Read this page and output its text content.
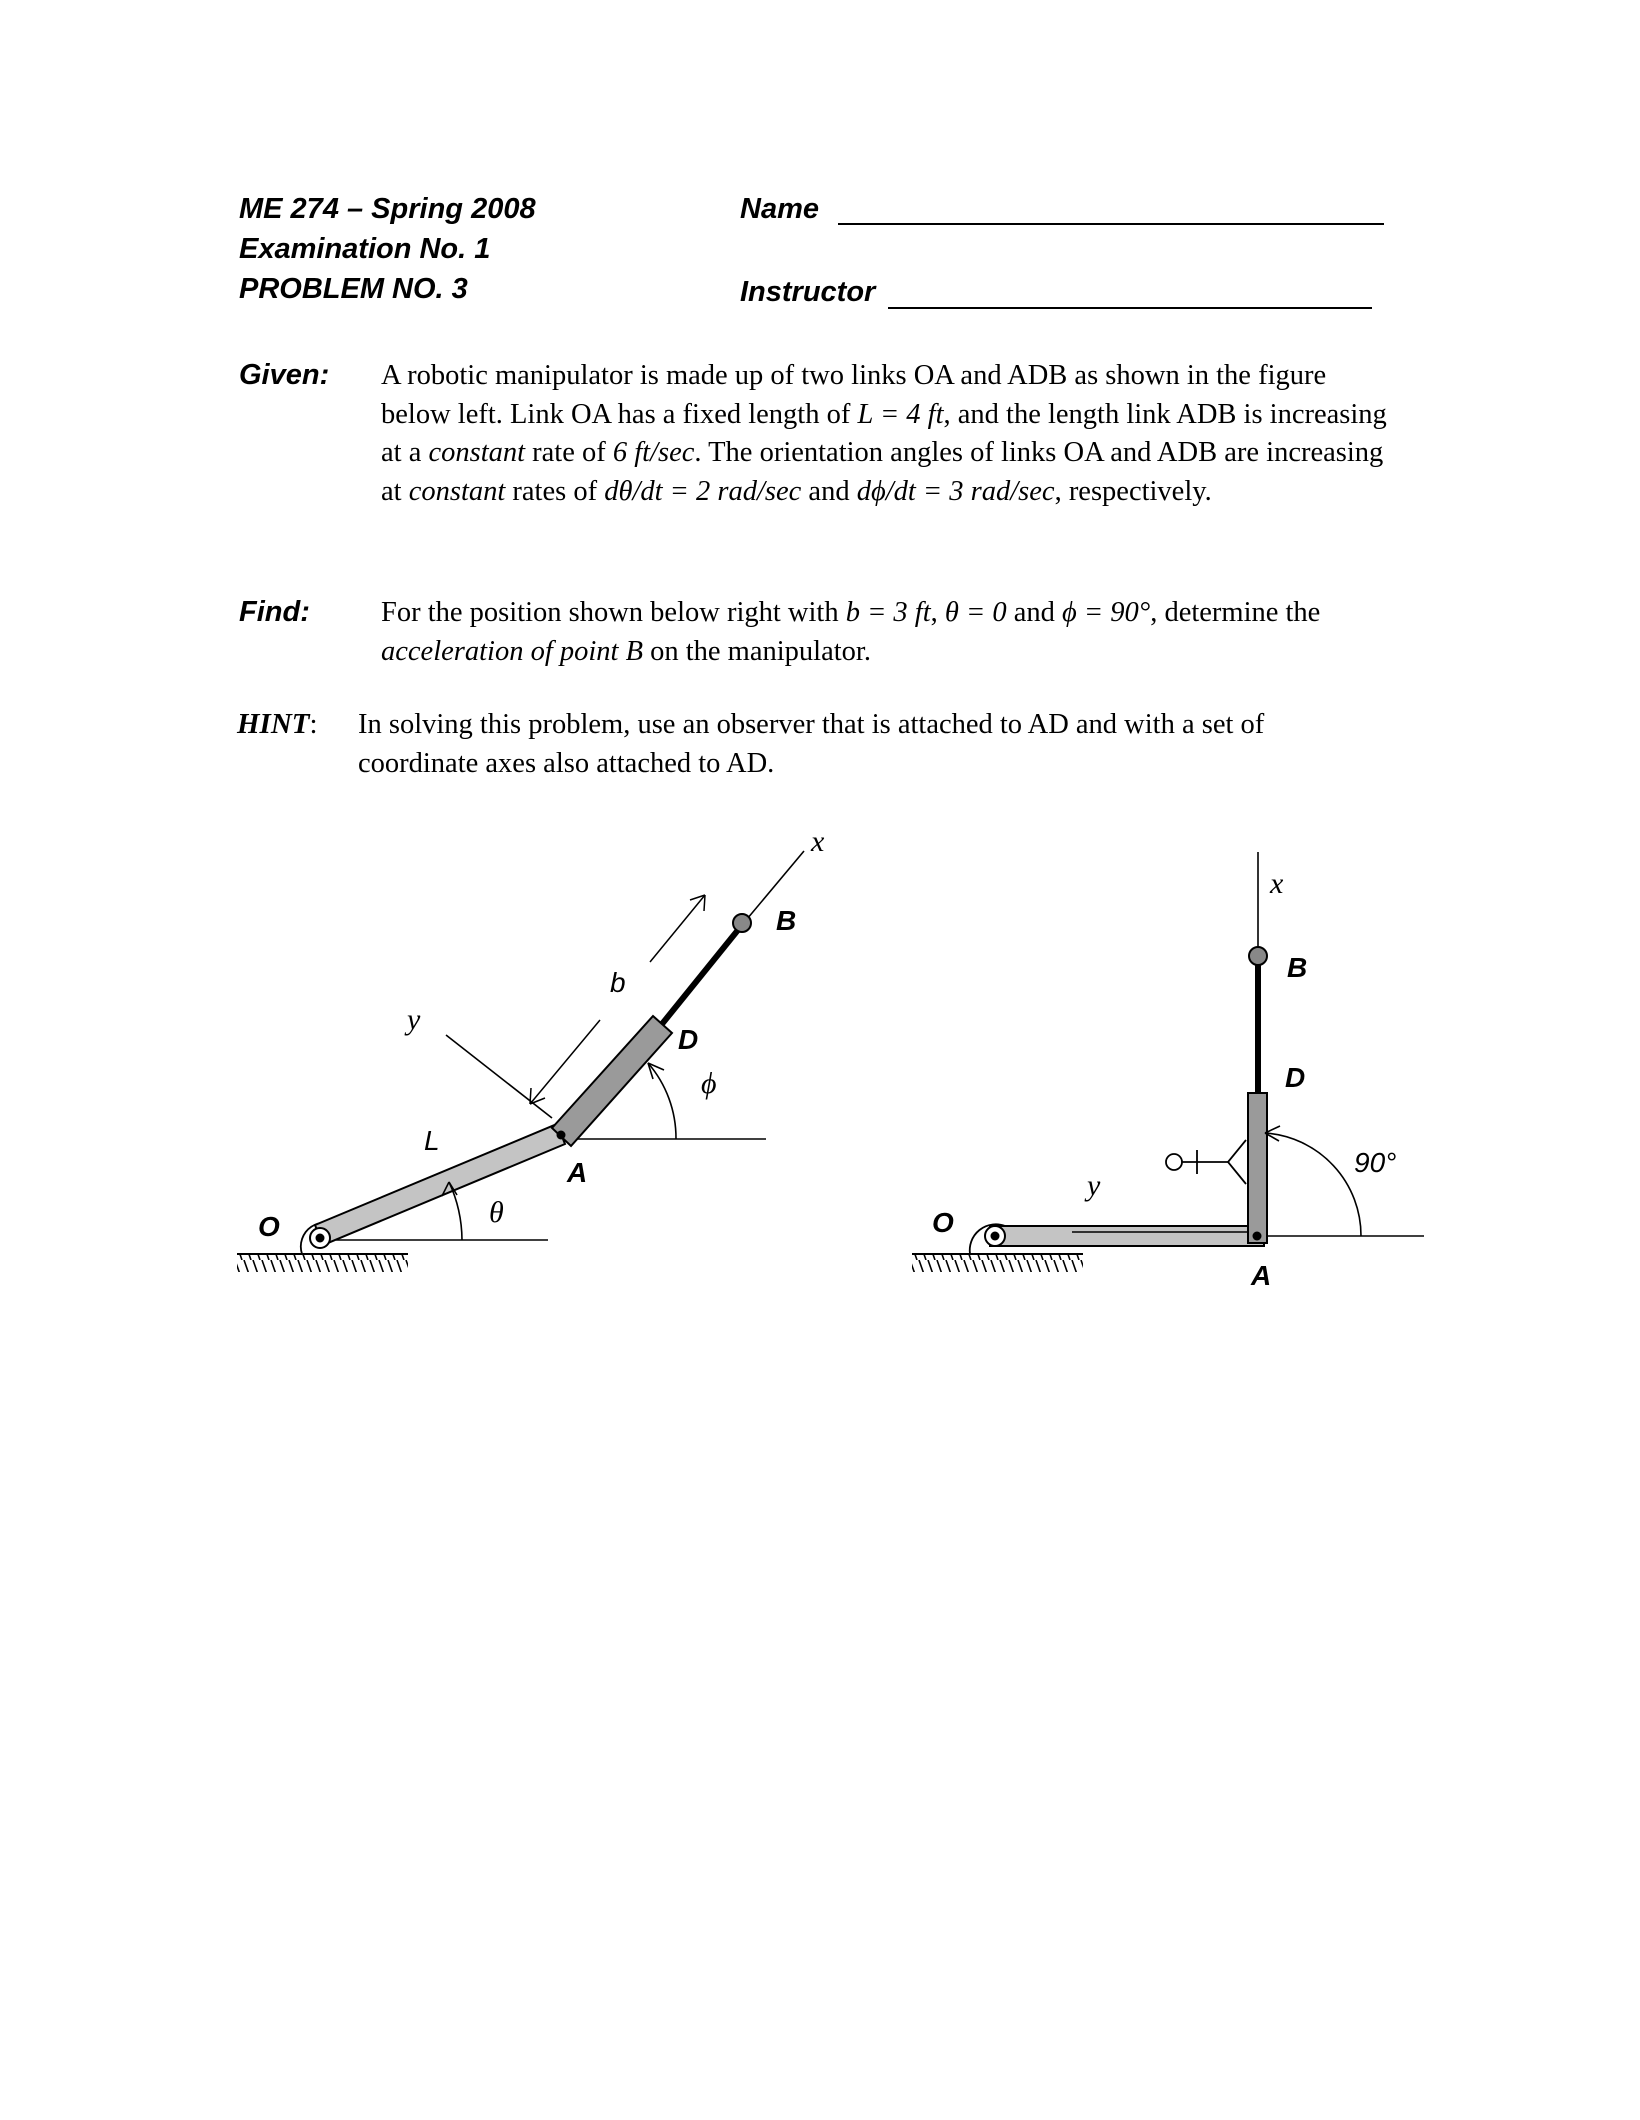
ME 274 – Spring 2008
Examination No. 1
PROBLEM NO. 3
Name
Instructor
Given: A robotic manipulator is made up of two links OA and ADB as shown in the figure below left. Link OA has a fixed length of L = 4 ft, and the length link ADB is increasing at a constant rate of 6 ft/sec. The orientation angles of links OA and ADB are increasing at constant rates of dθ/dt = 2 rad/sec and dϕ/dt = 3 rad/sec, respectively.
Find: For the position shown below right with b = 3 ft, θ = 0 and ϕ = 90°, determine the acceleration of point B on the manipulator.
HINT: In solving this problem, use an observer that is attached to AD and with a set of coordinate axes also attached to AD.
O
A
B
D
L
b
x
y
θ
ϕ
O
A
B
D
x
y
90°
